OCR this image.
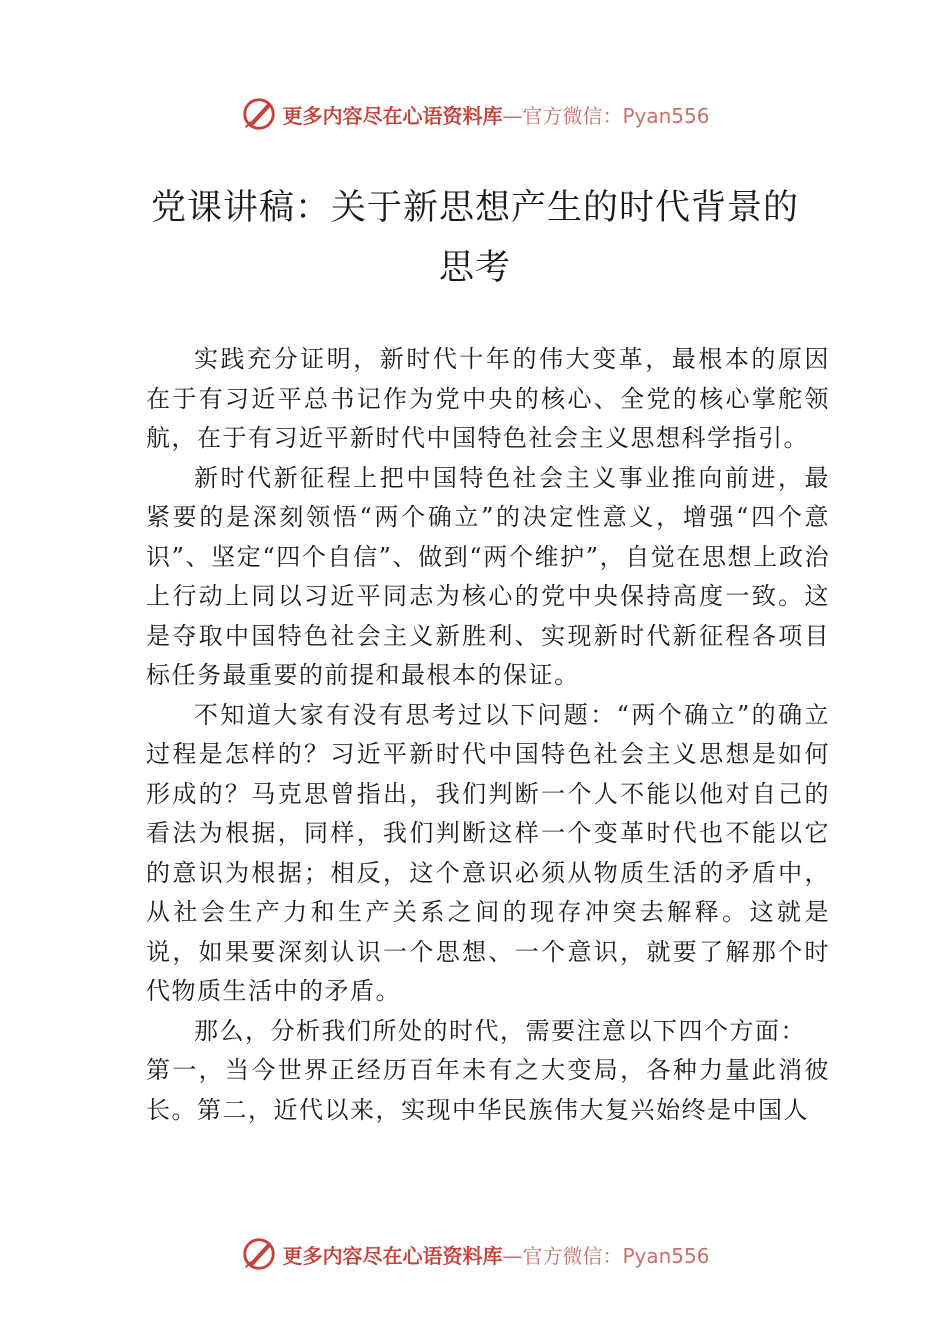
更多内容尽在心语资料库 —官方微信：Pyan556
党课讲稿：关于新思想产生的时代背景的
思考

实践充分证明，新时代十年的伟大变革，最根本的原因在于有习近平总书记作为党中央的核心、全党的核心掌舵领航，在于有习近平新时代中国特色社会主义思想科学指引。

新时代新征程上把中国特色社会主义事业推向前进，最紧要的是深刻领悟“两个确立”的决定性意义，增强“四个意识”、坚定“四个自信”、做到“两个维护”，自觉在思想上政治上行动上同以习近平同志为核心的党中央保持高度一致。这是夺取中国特色社会主义新胜利、实现新时代新征程各项目标任务最重要的前提和最根本的保证。

不知道大家有没有思考过以下问题：“两个确立”的确立过程是怎样的？习近平新时代中国特色社会主义思想是如何形成的？马克思曾指出，我们判断一个人不能以他对自己的看法为根据，同样，我们判断这样一个变革时代也不能以它的意识为根据；相反，这个意识必须从物质生活的矛盾中，从社会生产力和生产关系之间的现存冲突去解释。这就是说，如果要深刻认识一个思想、一个意识，就要了解那个时代物质生活中的矛盾。

那么，分析我们所处的时代，需要注意以下四个方面：

第一，当今世界正经历百年未有之大变局，各种力量此消彼长。第二，近代以来，实现中华民族伟大复兴始终是中国人

更多内容尽在心语资料库 —官方微信：Pyan556
